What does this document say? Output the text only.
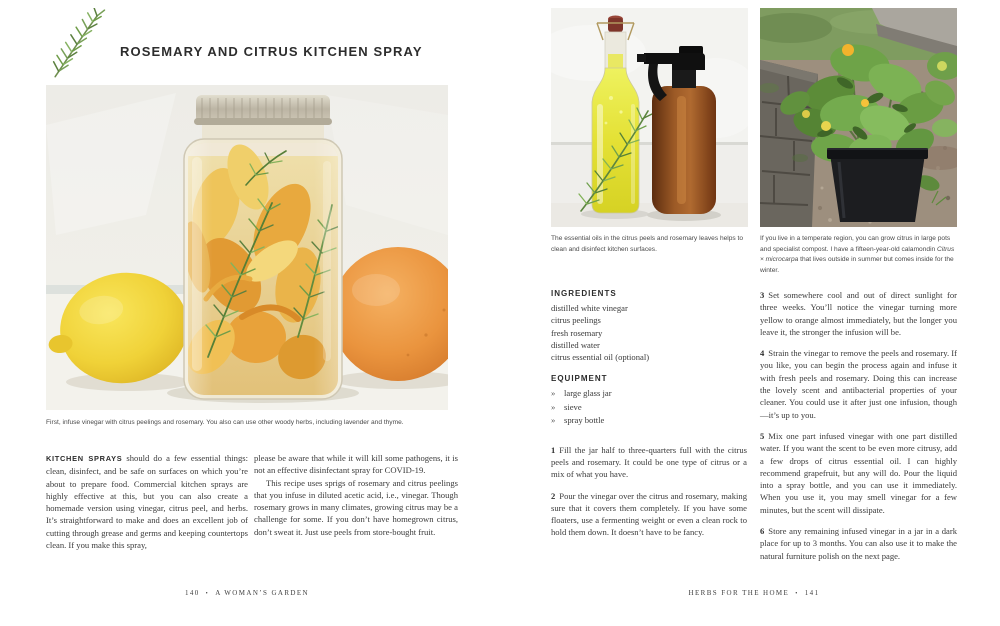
ROSEMARY AND CITRUS KITCHEN SPRAY
First, infuse vinegar with citrus peelings and rosemary. You also can use other woody herbs, including lavender and thyme.
KITCHEN SPRAYS should do a few essential things: clean, disinfect, and be safe on surfaces on which you’re about to prepare food. Commercial kitchen sprays are highly effective at this, but you can also create a homemade version using vinegar, citrus peel, and herbs. It’s straightforward to make and does an excellent job of cutting through grease and germs and keeping countertops clean. If you make this spray,

please be aware that while it will kill some pathogens, it is not an effective disinfectant spray for COVID-19.

This recipe uses sprigs of rosemary and citrus peelings that you infuse in diluted acetic acid, i.e., vinegar. Though rosemary grows in many climates, growing citrus may be a challenge for some. If you don’t have homegrown citrus, don’t sweat it. Just use peels from store-bought fruit.

140 • A WOMAN’S GARDEN
The essential oils in the citrus peels and rosemary leaves helps to clean and disinfect kitchen surfaces.
If you live in a temperate region, you can grow citrus in large pots and specialist compost. I have a fifteen-year-old calamondin Citrus × microcarpa that lives outside in summer but comes inside for the winter.
INGREDIENTS
distilled white vinegar
citrus peelings
fresh rosemary
distilled water
citrus essential oil (optional)
EQUIPMENT
»	large glass jar
»	sieve
»	spray bottle
1 Fill the jar half to three-quarters full with the citrus peels and rosemary. It could be one type of citrus or a mix of what you have.
2 Pour the vinegar over the citrus and rosemary, making sure that it covers them completely. If you have some floaters, use a fermenting weight or even a clean rock to hold them down. It doesn’t have to be fancy.
3 Set somewhere cool and out of direct sunlight for three weeks. You’ll notice the vinegar turning more yellow to orange almost immediately, but the longer you leave it, the stronger the infusion will be.
4 Strain the vinegar to remove the peels and rosemary. If you like, you can begin the process again and infuse it with fresh peels and rosemary. Doing this can increase the lovely scent and antibacterial properties of your cleaner. You could use it after just one infusion, though—it’s up to you.
5 Mix one part infused vinegar with one part distilled water. If you want the scent to be even more citrusy, add a few drops of citrus essential oil. I can highly recommend grapefruit, but any will do. Pour the liquid into a spray bottle, and you can use it immediately. When you use it, you may smell vinegar for a few minutes, but the scent will dissipate.
6 Store any remaining infused vinegar in a jar in a dark place for up to 3 months. You can also use it to make the natural furniture polish on the next page.
HERBS FOR THE HOME • 141
